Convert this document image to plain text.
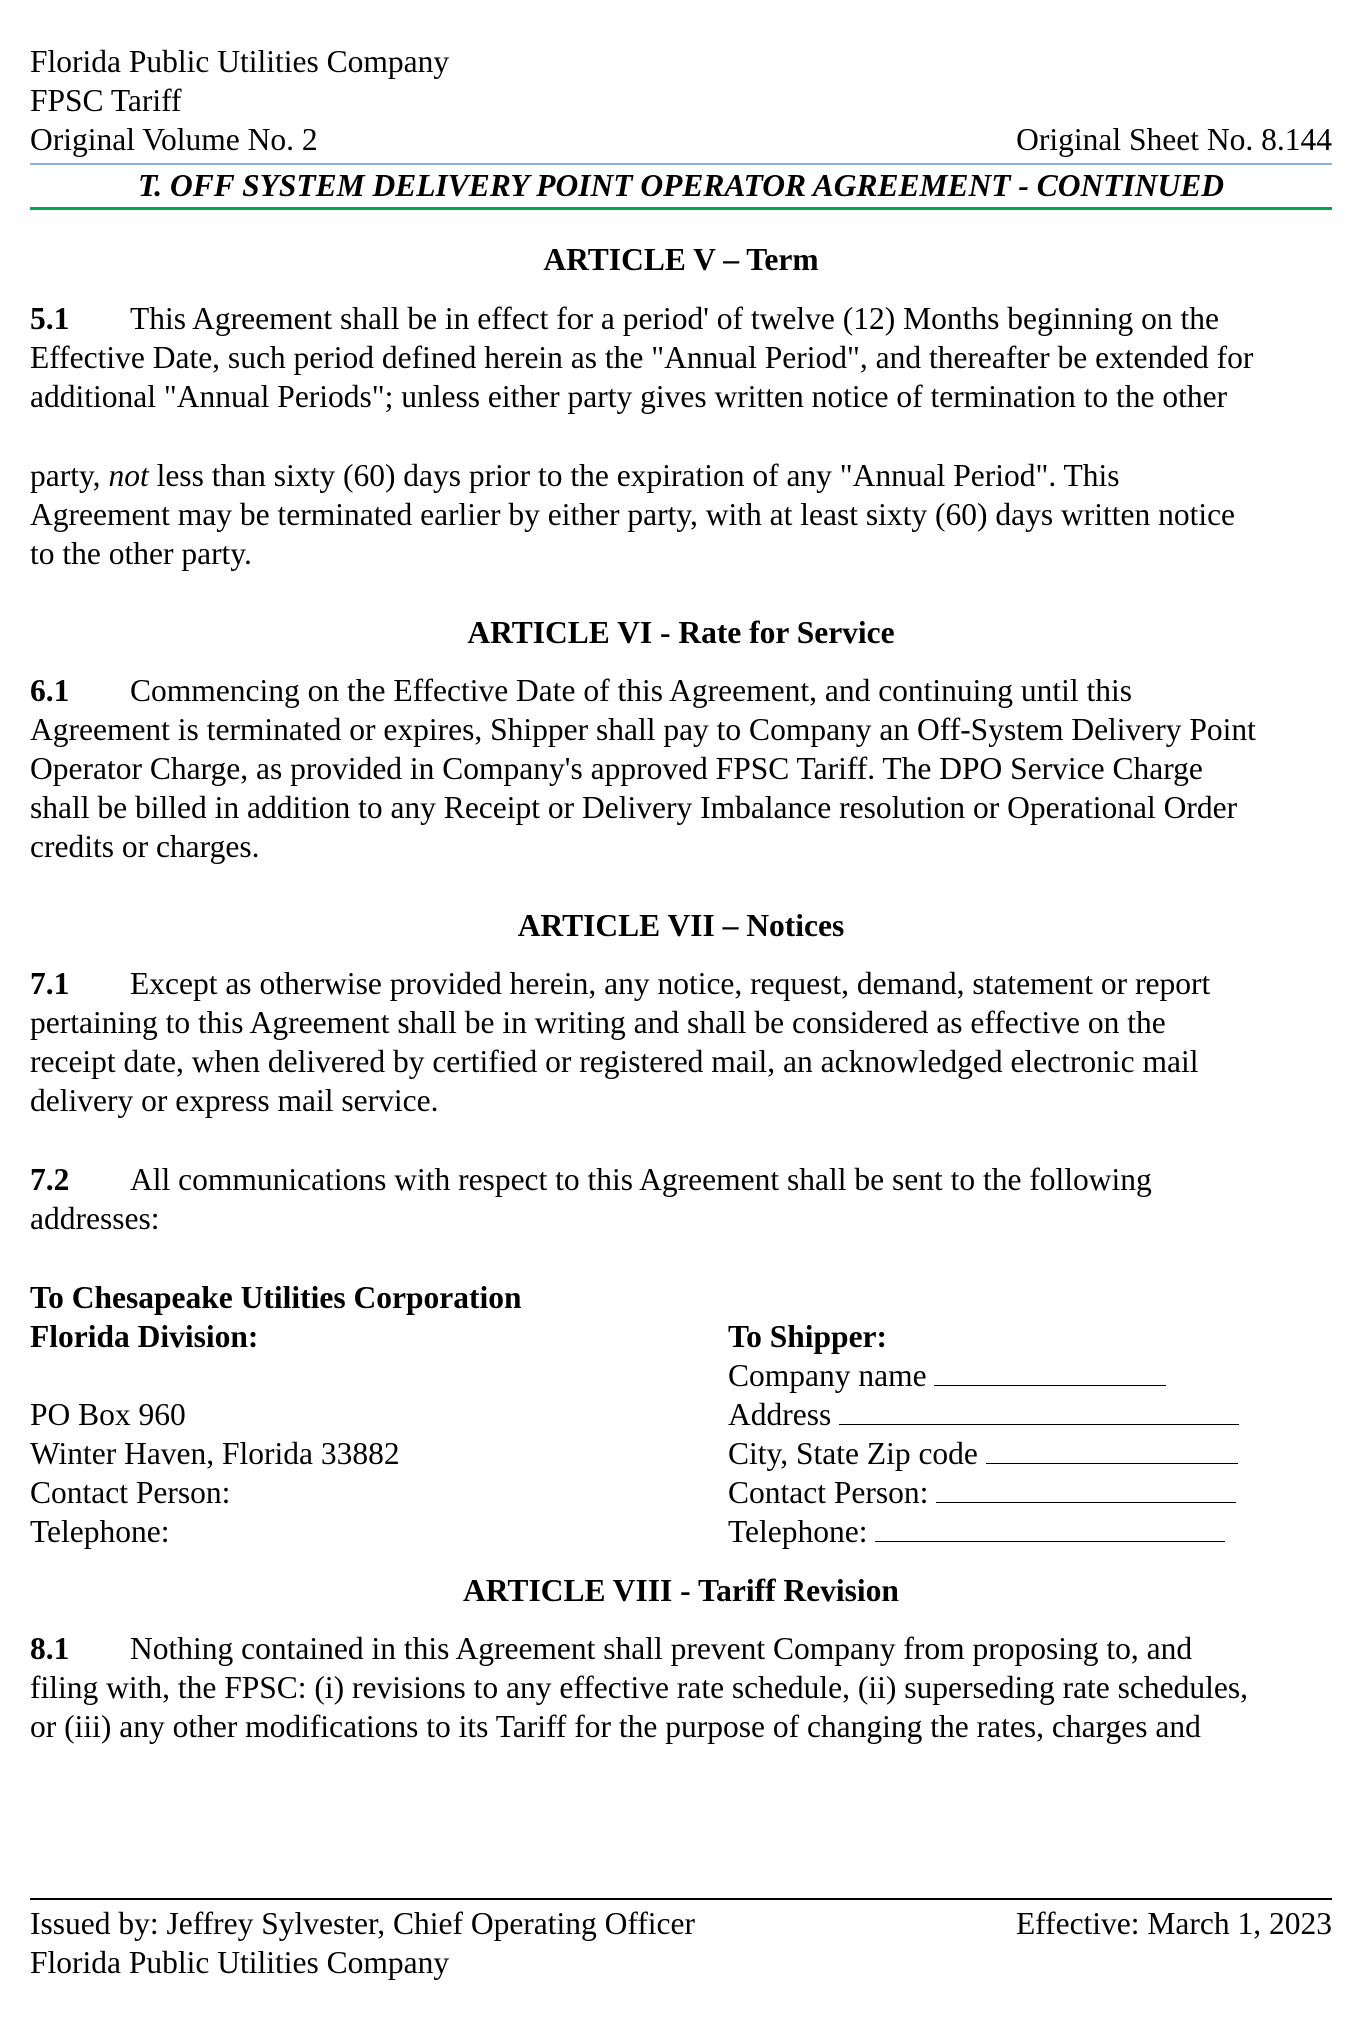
Florida Public Utilities Company
FPSC Tariff
Original Volume No. 2	Original Sheet No. 8.144
T. OFF SYSTEM DELIVERY POINT OPERATOR AGREEMENT - CONTINUED
ARTICLE V – Term

5.1 This Agreement shall be in effect for a period' of twelve (12) Months beginning on the
Effective Date, such period defined herein as the "Annual Period", and thereafter be extended for
additional "Annual Periods"; unless either party gives written notice of termination to the other

party, not less than sixty (60) days prior to the expiration of any "Annual Period". This
Agreement may be terminated earlier by either party, with at least sixty (60) days written notice
to the other party.

ARTICLE VI - Rate for Service

6.1 Commencing on the Effective Date of this Agreement, and continuing until this
Agreement is terminated or expires, Shipper shall pay to Company an Off-System Delivery Point
Operator Charge, as provided in Company's approved FPSC Tariff. The DPO Service Charge
shall be billed in addition to any Receipt or Delivery Imbalance resolution or Operational Order
credits or charges.

ARTICLE VII – Notices

7.1 Except as otherwise provided herein, any notice, request, demand, statement or report
pertaining to this Agreement shall be in writing and shall be considered as effective on the
receipt date, when delivered by certified or registered mail, an acknowledged electronic mail
delivery or express mail service.

7.2 All communications with respect to this Agreement shall be sent to the following
addresses:

To Chesapeake Utilities Corporation
Florida Division:
PO Box 960
Winter Haven, Florida 33882
Contact Person:
Telephone:
To Shipper:
Company name
Address
City, State Zip code
Contact Person:
Telephone:
ARTICLE VIII - Tariff Revision

8.1 Nothing contained in this Agreement shall prevent Company from proposing to, and
filing with, the FPSC: (i) revisions to any effective rate schedule, (ii) superseding rate schedules,
or (iii) any other modifications to its Tariff for the purpose of changing the rates, charges and

Issued by: Jeffrey Sylvester, Chief Operating Officer	Effective: March 1, 2023
Florida Public Utilities Company
